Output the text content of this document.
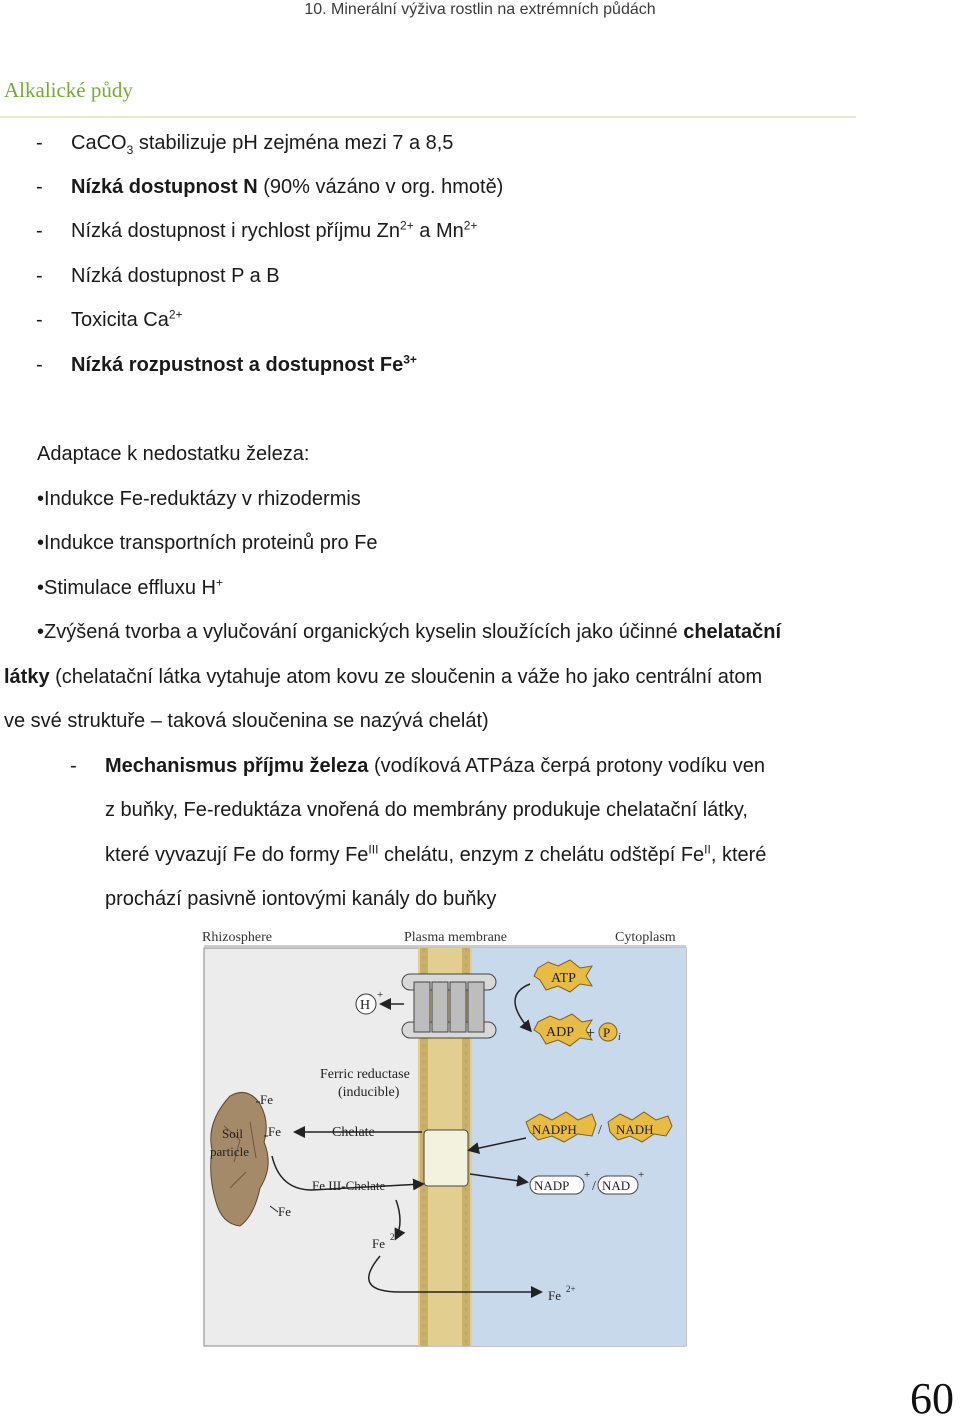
10. Minerální výživa rostlin na extrémních půdách
Alkalické půdy
- CaCO$_3$ stabilizuje pH zejména mezi 7 a 8,5
- Nízká dostupnost N (90% vázáno v org. hmotě)
- Nízká dostupnost i rychlost příjmu $Zn^{2+}$ a $Mn^{2+}$
- Nízká dostupnost P a B
- Toxicita $Ca^{2+}$
- Nízká rozpustnost a dostupnost $Fe^{3+}$
Adaptace k nedostatku železa:
•Indukce Fe-reduktázy v rhizodermis
•Indukce transportních proteinů pro Fe
•Stimulace effluxu H+
•Zvýšená tvorba a vylučování organických kyselin sloužících jako účinné chelatační
látky (chelatační látka vytahuje atom kovu ze sloučenin a váže ho jako centrální atom
ve své struktuře – taková sloučenina se nazývá chelát)
- Mechanismus příjmu železa (vodíková ATPáza čerpá protony vodíku ven
z buňky, Fe-reduktáza vnořená do membrány produkuje chelatační látky,
které vyvazují Fe do formy $Fe^{III}$ chelátu, enzym z chelátu odštěpí $Fe^{II}$, které
prochází pasivně iontovými kanály do buňky
Rhizosphere	Plasma membrane	Cytoplasm
H
+
ATP
ADP + P i
Ferric reductase
(inducible)
Soil
particle
Fe
Fe
Fe
Chelate
Fe III-Chelate
Fe 2+
Fe 2+
NADPH / NADH
NADP
+
/ NAD
+
60
